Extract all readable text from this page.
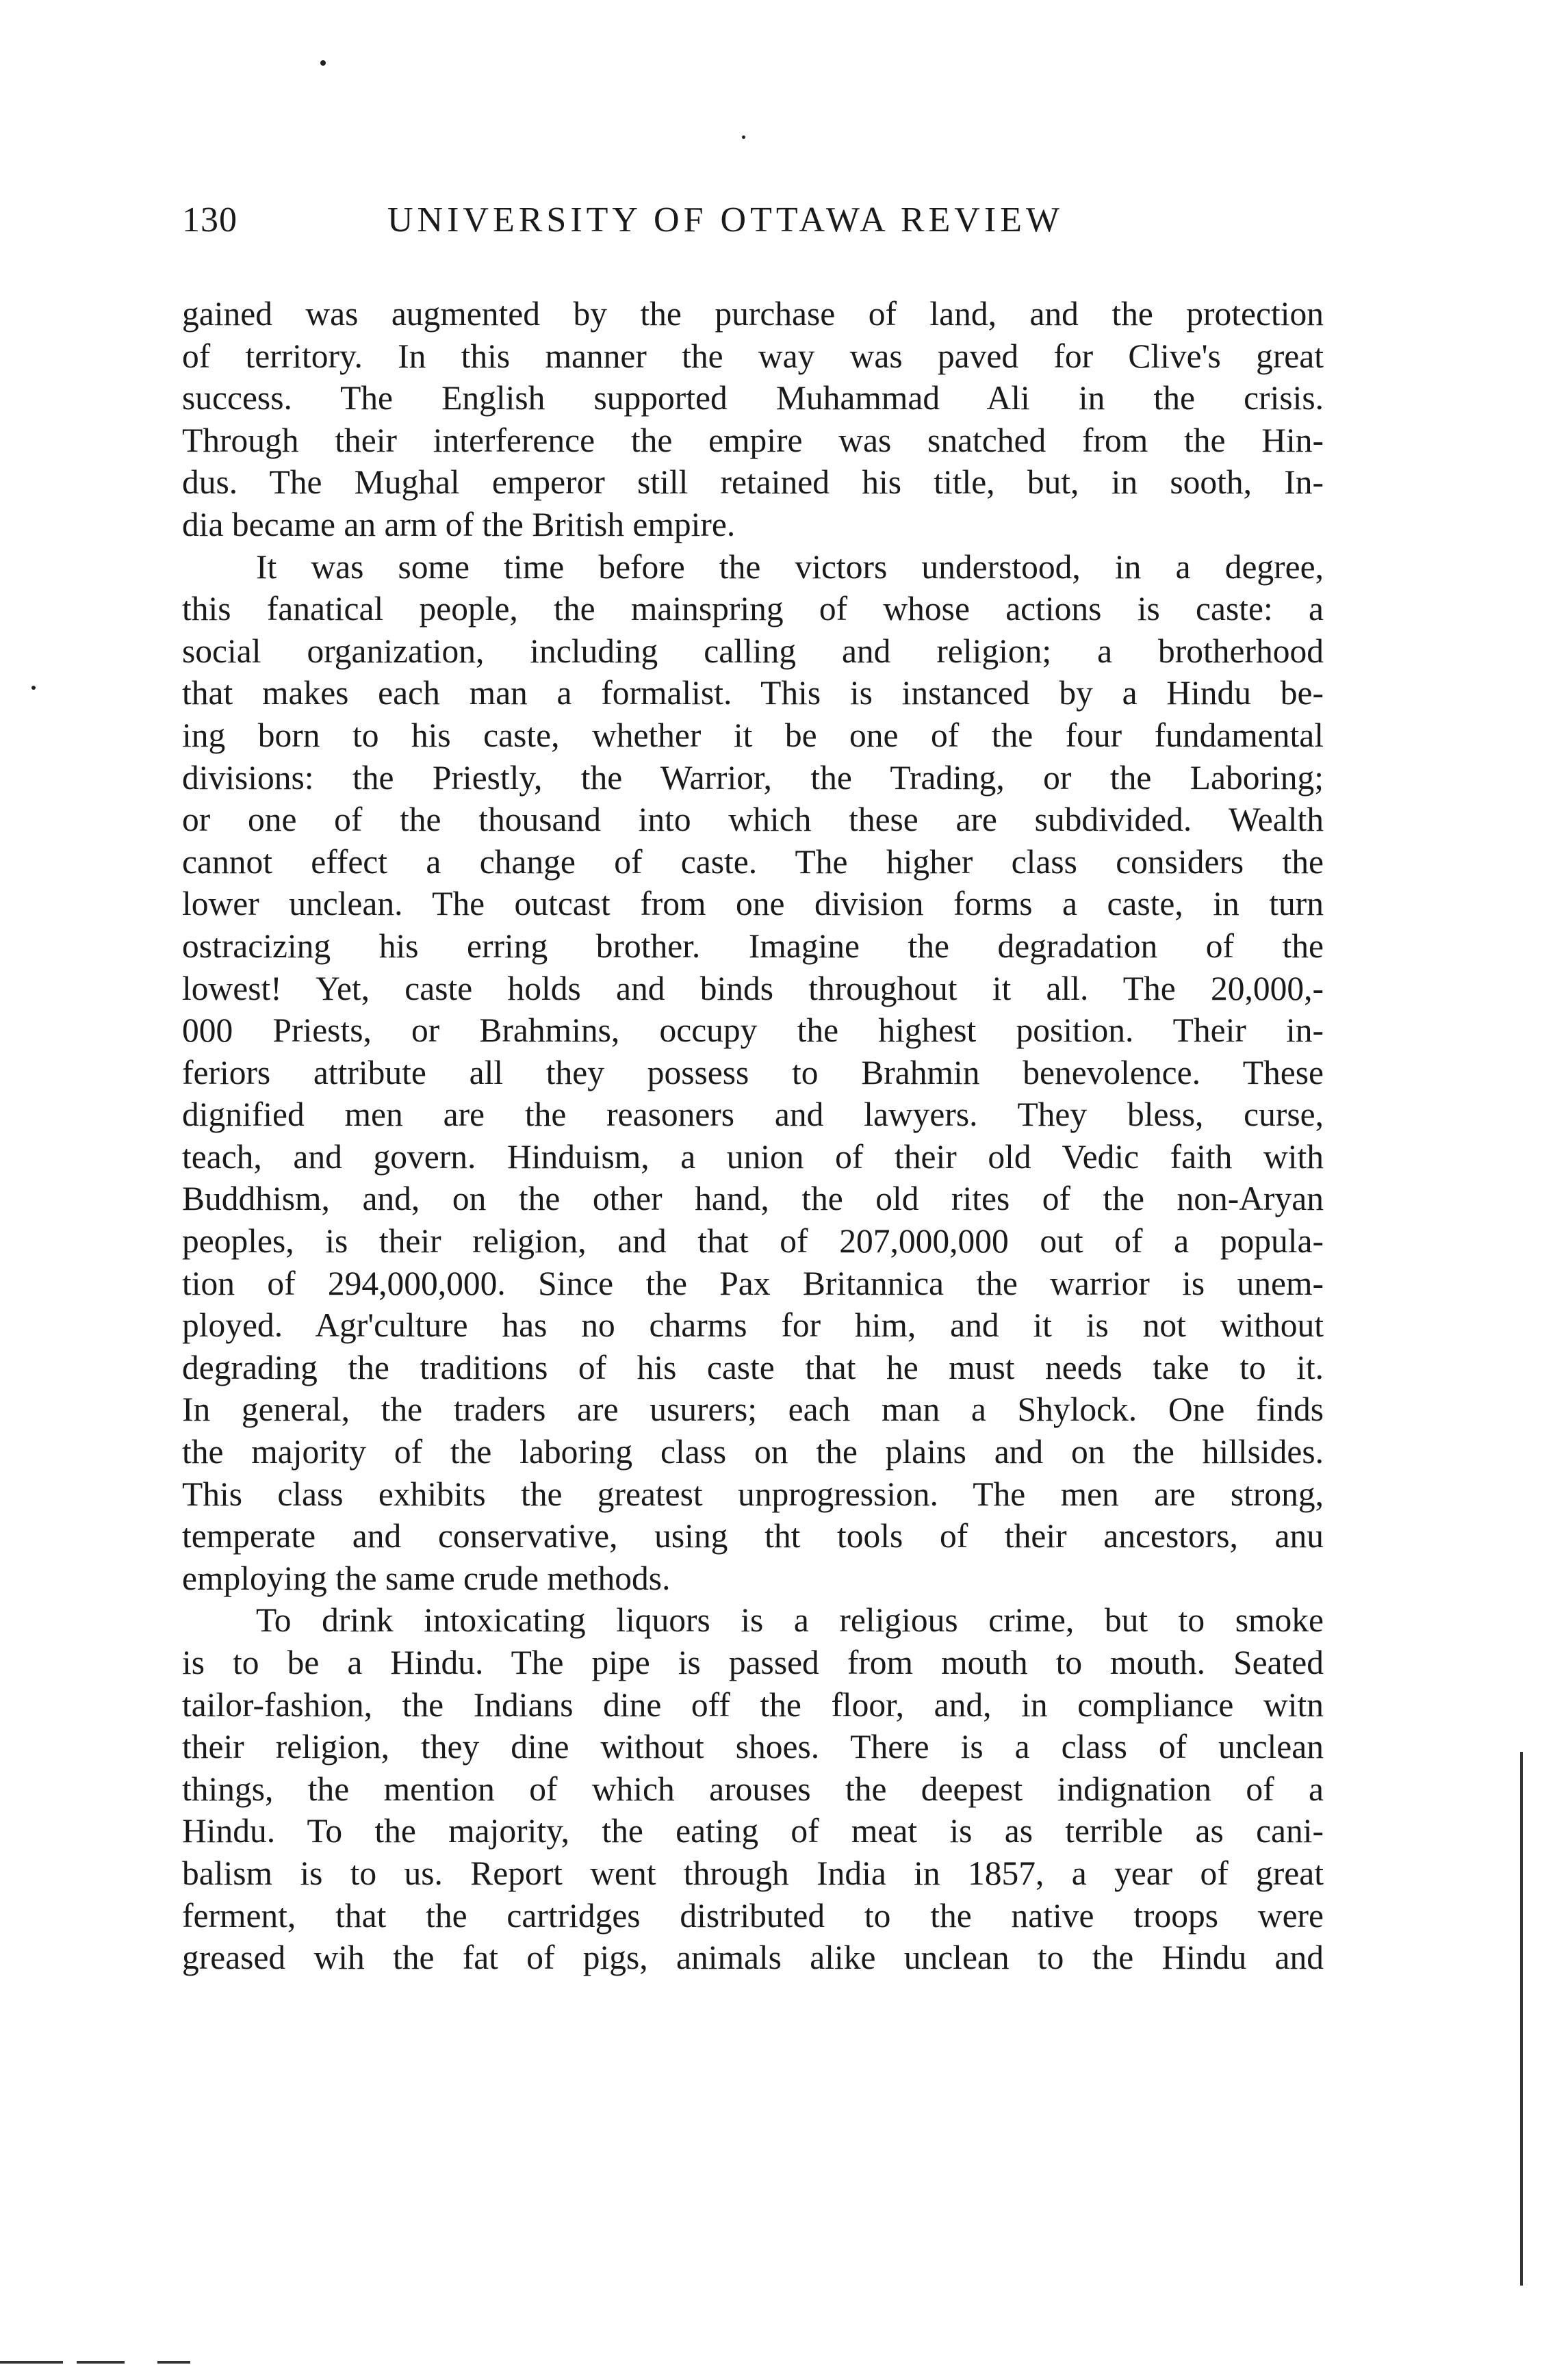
130	UNIVERSITY OF OTTAWA REVIEW
gained was augmented by the purchase of land, and the protection
of territory. In this manner the way was paved for Clive's great
success. The English supported Muhammad Ali in the crisis.
Through their interference the empire was snatched from the Hin-
dus. The Mughal emperor still retained his title, but, in sooth, In-
dia became an arm of the British empire.
It was some time before the victors understood, in a degree,
this fanatical people, the mainspring of whose actions is caste: a
social organization, including calling and religion; a brotherhood
that makes each man a formalist. This is instanced by a Hindu be-
ing born to his caste, whether it be one of the four fundamental
divisions: the Priestly, the Warrior, the Trading, or the Laboring;
or one of the thousand into which these are subdivided. Wealth
cannot effect a change of caste. The higher class considers the
lower unclean. The outcast from one division forms a caste, in turn
ostracizing his erring brother. Imagine the degradation of the
lowest! Yet, caste holds and binds throughout it all. The 20,000,-
000 Priests, or Brahmins, occupy the highest position. Their in-
feriors attribute all they possess to Brahmin benevolence. These
dignified men are the reasoners and lawyers. They bless, curse,
teach, and govern. Hinduism, a union of their old Vedic faith with
Buddhism, and, on the other hand, the old rites of the non-Aryan
peoples, is their religion, and that of 207,000,000 out of a popula-
tion of 294,000,000. Since the Pax Britannica the warrior is unem-
ployed. Agr'culture has no charms for him, and it is not without
degrading the traditions of his caste that he must needs take to it.
In general, the traders are usurers; each man a Shylock. One finds
the majority of the laboring class on the plains and on the hillsides.
This class exhibits the greatest unprogression. The men are strong,
temperate and conservative, using tht tools of their ancestors, anu
employing the same crude methods.
To drink intoxicating liquors is a religious crime, but to smoke
is to be a Hindu. The pipe is passed from mouth to mouth. Seated
tailor-fashion, the Indians dine off the floor, and, in compliance witn
their religion, they dine without shoes. There is a class of unclean
things, the mention of which arouses the deepest indignation of a
Hindu. To the majority, the eating of meat is as terrible as cani-
balism is to us. Report went through India in 1857, a year of great
ferment, that the cartridges distributed to the native troops were
greased wih the fat of pigs, animals alike unclean to the Hindu and
